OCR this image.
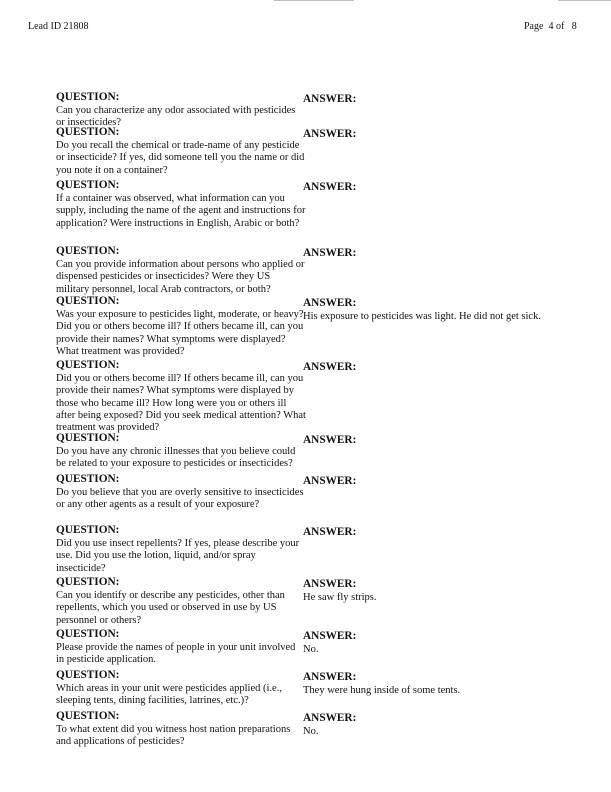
Lead ID 21808	Page 4 of 8
QUESTION:
Can you characterize any odor associated with pesticides or insecticides?
ANSWER:
QUESTION:
Do you recall the chemical or trade-name of any pesticide or insecticide? If yes, did someone tell you the name or did you note it on a container?
ANSWER:
QUESTION:
If a container was observed, what information can you supply, including the name of the agent and instructions for application? Were instructions in English, Arabic or both?
ANSWER:
QUESTION:
Can you provide information about persons who applied or dispensed pesticides or insecticides? Were they US military personnel, local Arab contractors, or both?
ANSWER:
QUESTION:
Was your exposure to pesticides light, moderate, or heavy? Did you or others become ill? If others became ill, can you provide their names? What symptoms were displayed? What treatment was provided?
ANSWER:
His exposure to pesticides was light. He did not get sick.
QUESTION:
Did you or others become ill? If others became ill, can you provide their names? What symptoms were displayed by those who became ill? How long were you or others ill after being exposed? Did you seek medical attention? What treatment was provided?
ANSWER:
QUESTION:
Do you have any chronic illnesses that you believe could be related to your exposure to pesticides or insecticides?
ANSWER:
QUESTION:
Do you believe that you are overly sensitive to insecticides or any other agents as a result of your exposure?
ANSWER:
QUESTION:
Did you use insect repellents? If yes, please describe your use. Did you use the lotion, liquid, and/or spray insecticide?
ANSWER:
QUESTION:
Can you identify or describe any pesticides, other than repellents, which you used or observed in use by US personnel or others?
ANSWER:
He saw fly strips.
QUESTION:
Please provide the names of people in your unit involved in pesticide application.
ANSWER:
No.
QUESTION:
Which areas in your unit were pesticides applied (i.e., sleeping tents, dining facilities, latrines, etc.)?
ANSWER:
They were hung inside of some tents.
QUESTION:
To what extent did you witness host nation preparations and applications of pesticides?
ANSWER:
No.
